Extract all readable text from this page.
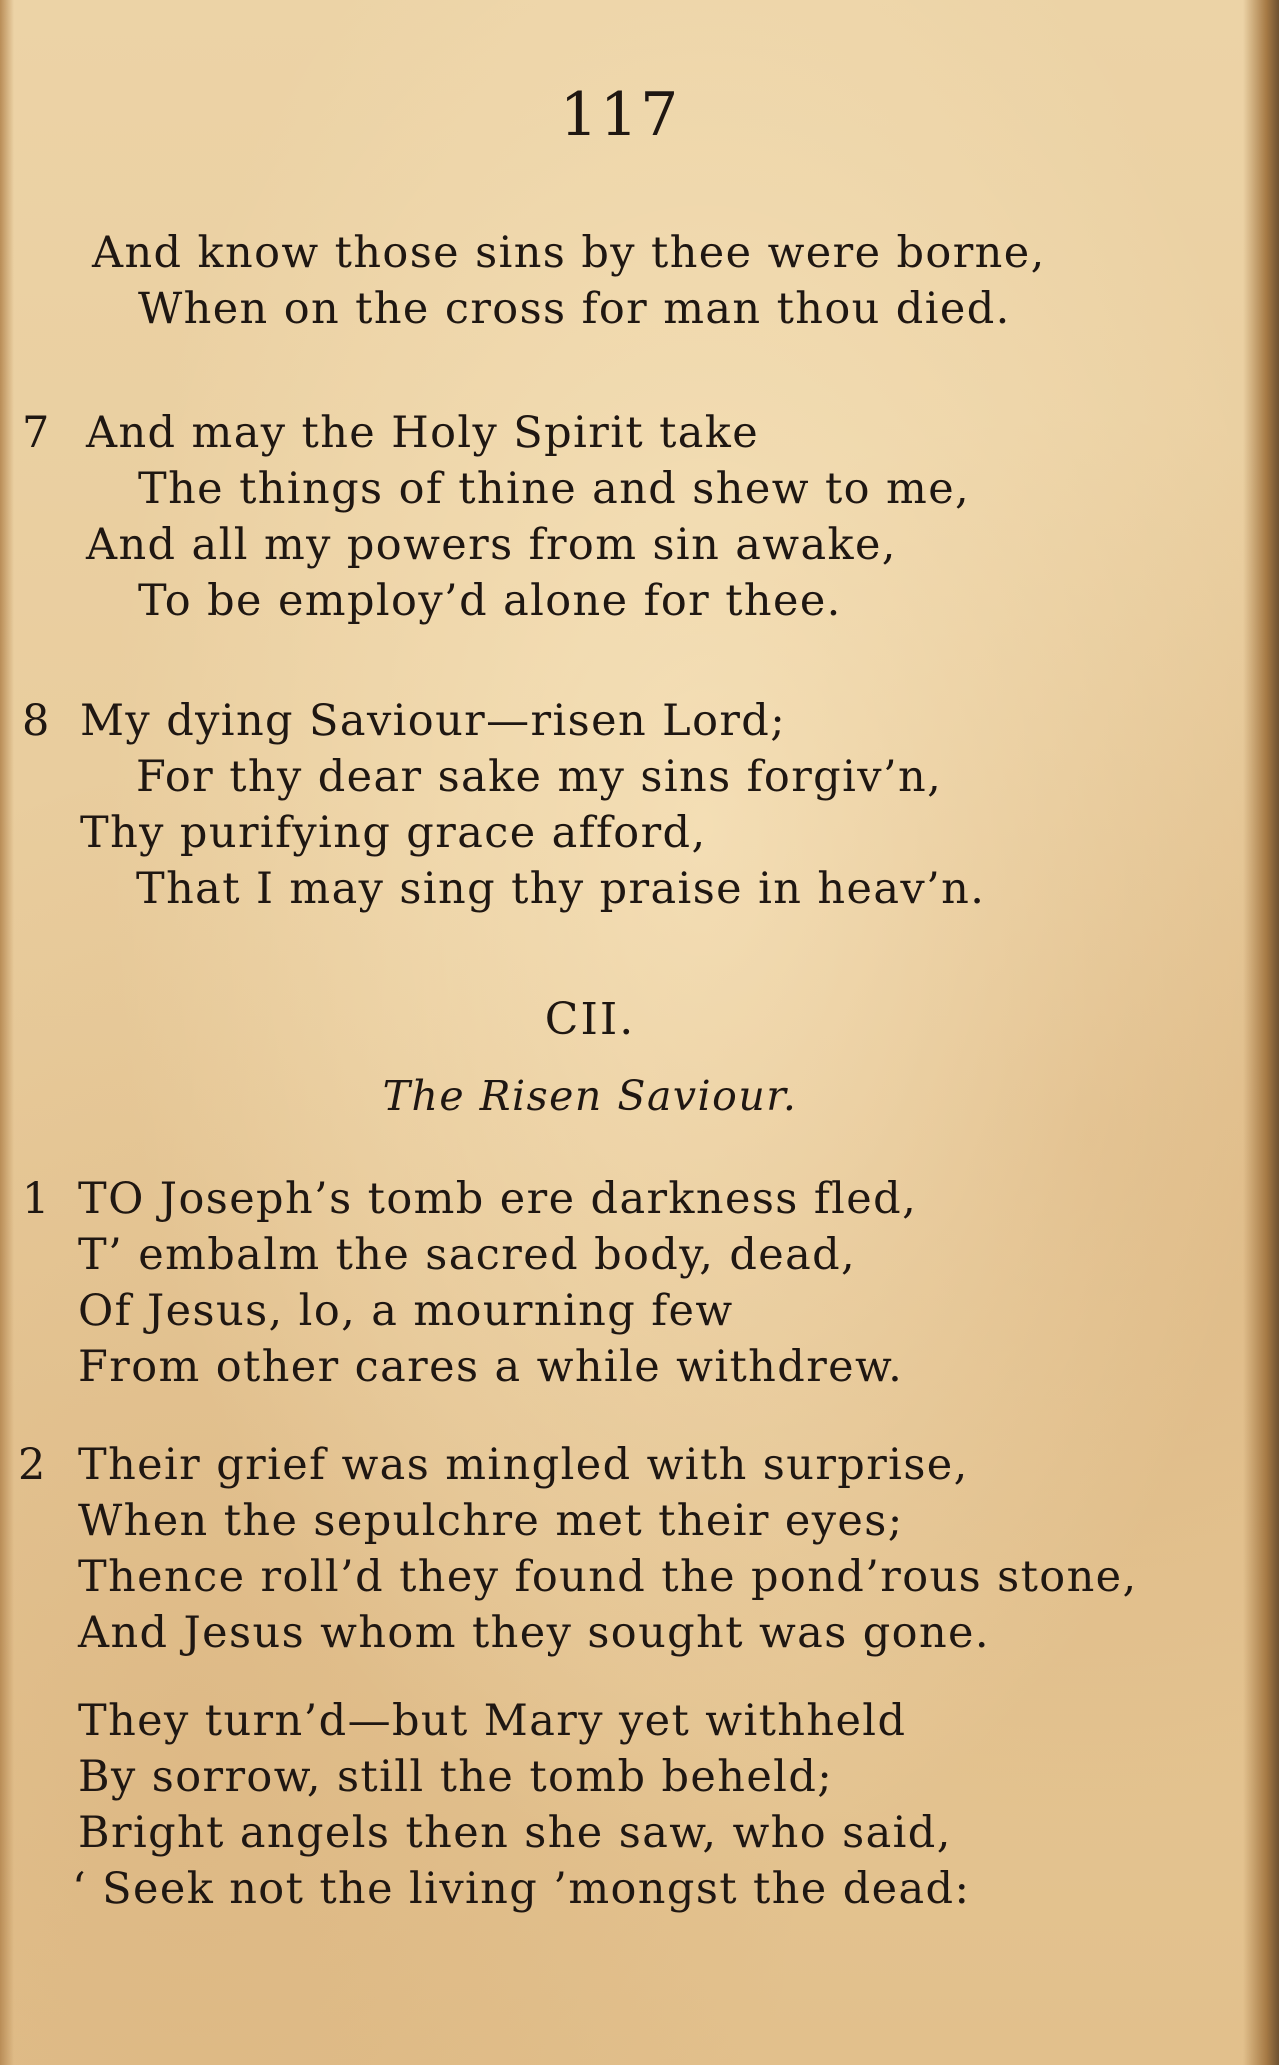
117
And know those sins by thee were borne,
When on the cross for man thou died.
7 And may the Holy Spirit take
The things of thine and shew to me,
And all my powers from sin awake,
To be employ’d alone for thee.
8 My dying Saviour—risen Lord;
For thy dear sake my sins forgiv’n,
Thy purifying grace afford,
That I may sing thy praise in heav’n.
CII.
The Risen Saviour.
1 TO Joseph’s tomb ere darkness fled,
T’ embalm the sacred body, dead,
Of Jesus, lo, a mourning few
From other cares a while withdrew.
2 Their grief was mingled with surprise,
When the sepulchre met their eyes;
Thence roll’d they found the pond’rous stone,
And Jesus whom they sought was gone.
They turn’d—but Mary yet withheld
By sorrow, still the tomb beheld;
Bright angels then she saw, who said,
‘ Seek not the living ’mongst the dead:
